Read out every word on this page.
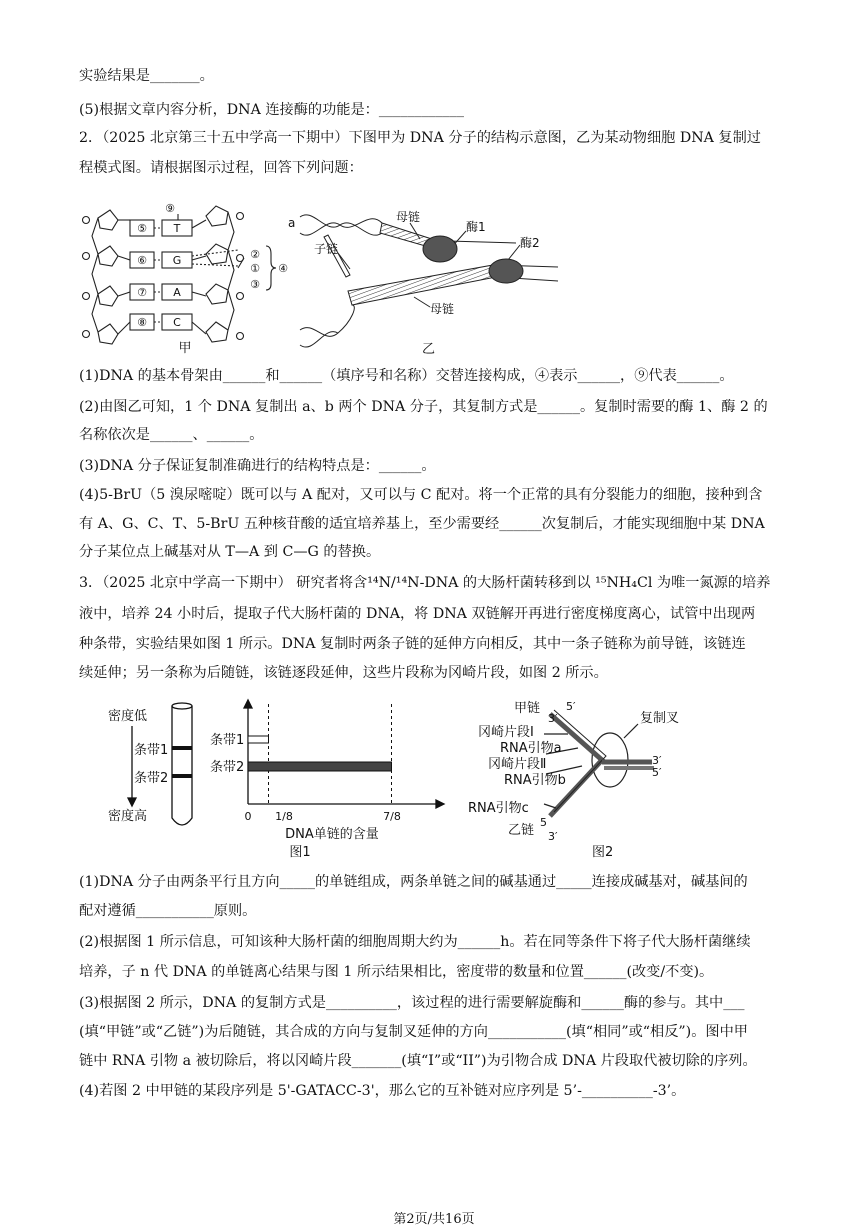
实验结果是_______。
(5)根据文章内容分析，DNA 连接酶的功能是：____________
2．（2025 北京第三十五中学高一下期中）下图甲为 DNA 分子的结构示意图，乙为某动物细胞 DNA 复制过
程模式图。请根据图示过程，回答下列问题：
⑤
⑥
⑦
⑧
T
G
A
C
⑨
②
①
③
④
甲
a	母链
酶1
酶2
子链
母链
乙
(1)DNA 的基本骨架由______和______（填序号和名称）交替连接构成，④表示______，⑨代表______。
(2)由图乙可知，1 个 DNA 复制出 a、b 两个 DNA 分子，其复制方式是______。复制时需要的酶 1、酶 2 的
名称依次是______、______。
(3)DNA 分子保证复制准确进行的结构特点是：______。
(4)5-BrU（5 溴尿嘧啶）既可以与 A 配对，又可以与 C 配对。将一个正常的具有分裂能力的细胞，接种到含
有 A、G、C、T、5-BrU 五种核苷酸的适宜培养基上，至少需要经______次复制后，才能实现细胞中某 DNA
分子某位点上碱基对从 T—A 到 C—G 的替换。
3．（2025 北京中学高一下期中） 研究者将含¹⁴N/¹⁴N-DNA 的大肠杆菌转移到以 ¹⁵NH₄Cl 为唯一氮源的培养
液中，培养 24 小时后，提取子代大肠杆菌的 DNA，将 DNA 双链解开再进行密度梯度离心，试管中出现两
种条带，实验结果如图 1 所示。DNA 复制时两条子链的延伸方向相反，其中一条子链称为前导链，该链连
续延伸；另一条称为后随链，该链逐段延伸，这些片段称为冈崎片段，如图 2 所示。
密度低
条带1
条带2
密度高
条带1
条带2
0 1/8	7/8
DNA单链的含量
图1
甲链 5′
3′
冈崎片段Ⅰ
复制叉
RNA引物a
冈崎片段Ⅱ
RNA引物b
3′
5′
RNA引物c
5
乙链 3′
图2
(1)DNA 分子由两条平行且方向_____的单链组成，两条单链之间的碱基通过_____连接成碱基对，碱基间的
配对遵循___________原则。
(2)根据图 1 所示信息，可知该种大肠杆菌的细胞周期大约为______h。若在同等条件下将子代大肠杆菌继续
培养，子 n 代 DNA 的单链离心结果与图 1 所示结果相比，密度带的数量和位置______(改变/不变)。
(3)根据图 2 所示，DNA 的复制方式是__________，该过程的进行需要解旋酶和______酶的参与。其中___
(填“甲链”或“乙链”)为后随链，其合成的方向与复制叉延伸的方向___________(填“相同”或“相反”)。图中甲
链中 RNA 引物 a 被切除后，将以冈崎片段_______(填“I”或“II”)为引物合成 DNA 片段取代被切除的序列。
(4)若图 2 中甲链的某段序列是 5'-GATACC-3'，那么它的互补链对应序列是 5’-__________-3’。
第2页/共16页
